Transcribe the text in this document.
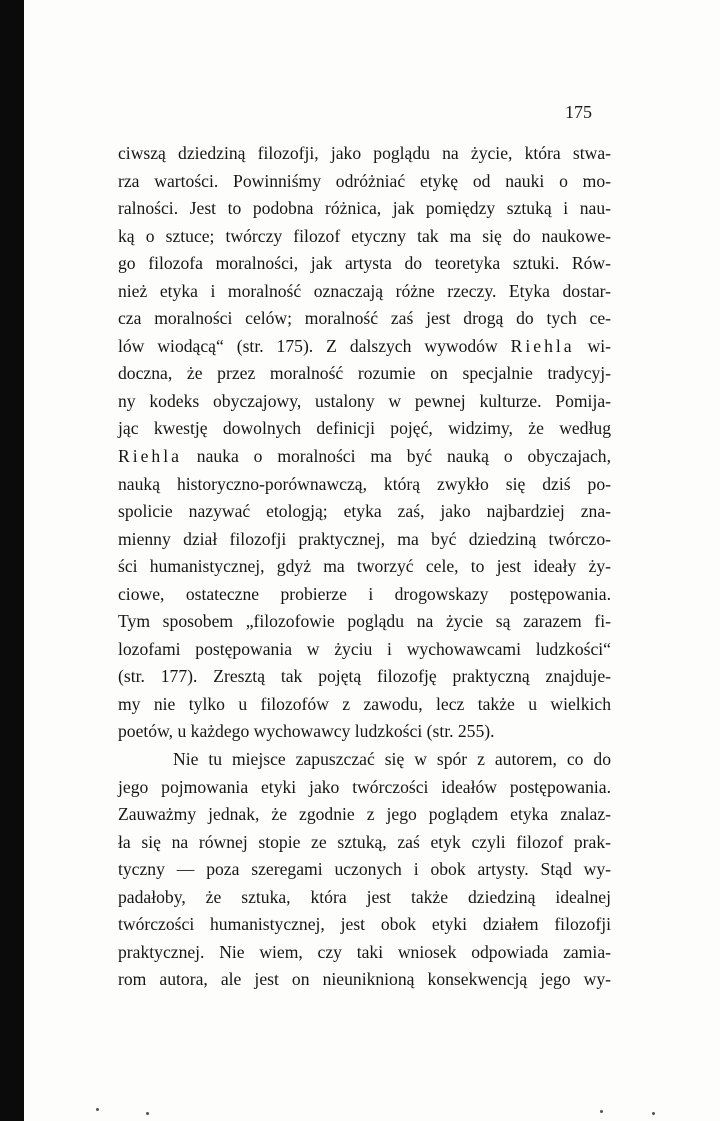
175
ciwszą dziedziną filozofji, jako poglądu na życie, która stwa-
rza wartości. Powinniśmy odróżniać etykę od nauki o mo-
ralności. Jest to podobna różnica, jak pomiędzy sztuką i nau-
ką o sztuce; twórczy filozof etyczny tak ma się do naukowe-
go filozofa moralności, jak artysta do teoretyka sztuki. Rów-
nież etyka i moralność oznaczają różne rzeczy. Etyka dostar-
cza moralności celów; moralność zaś jest drogą do tych ce-
lów wiodącą“ (str. 175). Z dalszych wywodów Riehla wi-
doczna, że przez moralność rozumie on specjalnie tradycyj-
ny kodeks obyczajowy, ustalony w pewnej kulturze. Pomija-
jąc kwestję dowolnych definicji pojęć, widzimy, że według
Riehla nauka o moralności ma być nauką o obyczajach,
nauką historyczno-porównawczą, którą zwykło się dziś po-
spolicie nazywać etologją; etyka zaś, jako najbardziej zna-
mienny dział filozofji praktycznej, ma być dziedziną twórczo-
ści humanistycznej, gdyż ma tworzyć cele, to jest ideały ży-
ciowe, ostateczne probierze i drogowskazy postępowania.
Tym sposobem „filozofowie poglądu na życie są zarazem fi-
lozofami postępowania w życiu i wychowawcami ludzkości“
(str. 177). Zresztą tak pojętą filozofję praktyczną znajduje-
my nie tylko u filozofów z zawodu, lecz także u wielkich
poetów, u każdego wychowawcy ludzkości (str. 255).
Nie tu miejsce zapuszczać się w spór z autorem, co do
jego pojmowania etyki jako twórczości ideałów postępowania.
Zauważmy jednak, że zgodnie z jego poglądem etyka znalaz-
ła się na równej stopie ze sztuką, zaś etyk czyli filozof prak-
tyczny — poza szeregami uczonych i obok artysty. Stąd wy-
padałoby, że sztuka, która jest także dziedziną idealnej
twórczości humanistycznej, jest obok etyki działem filozofji
praktycznej. Nie wiem, czy taki wniosek odpowiada zamia-
rom autora, ale jest on nieuniknioną konsekwencją jego wy-
